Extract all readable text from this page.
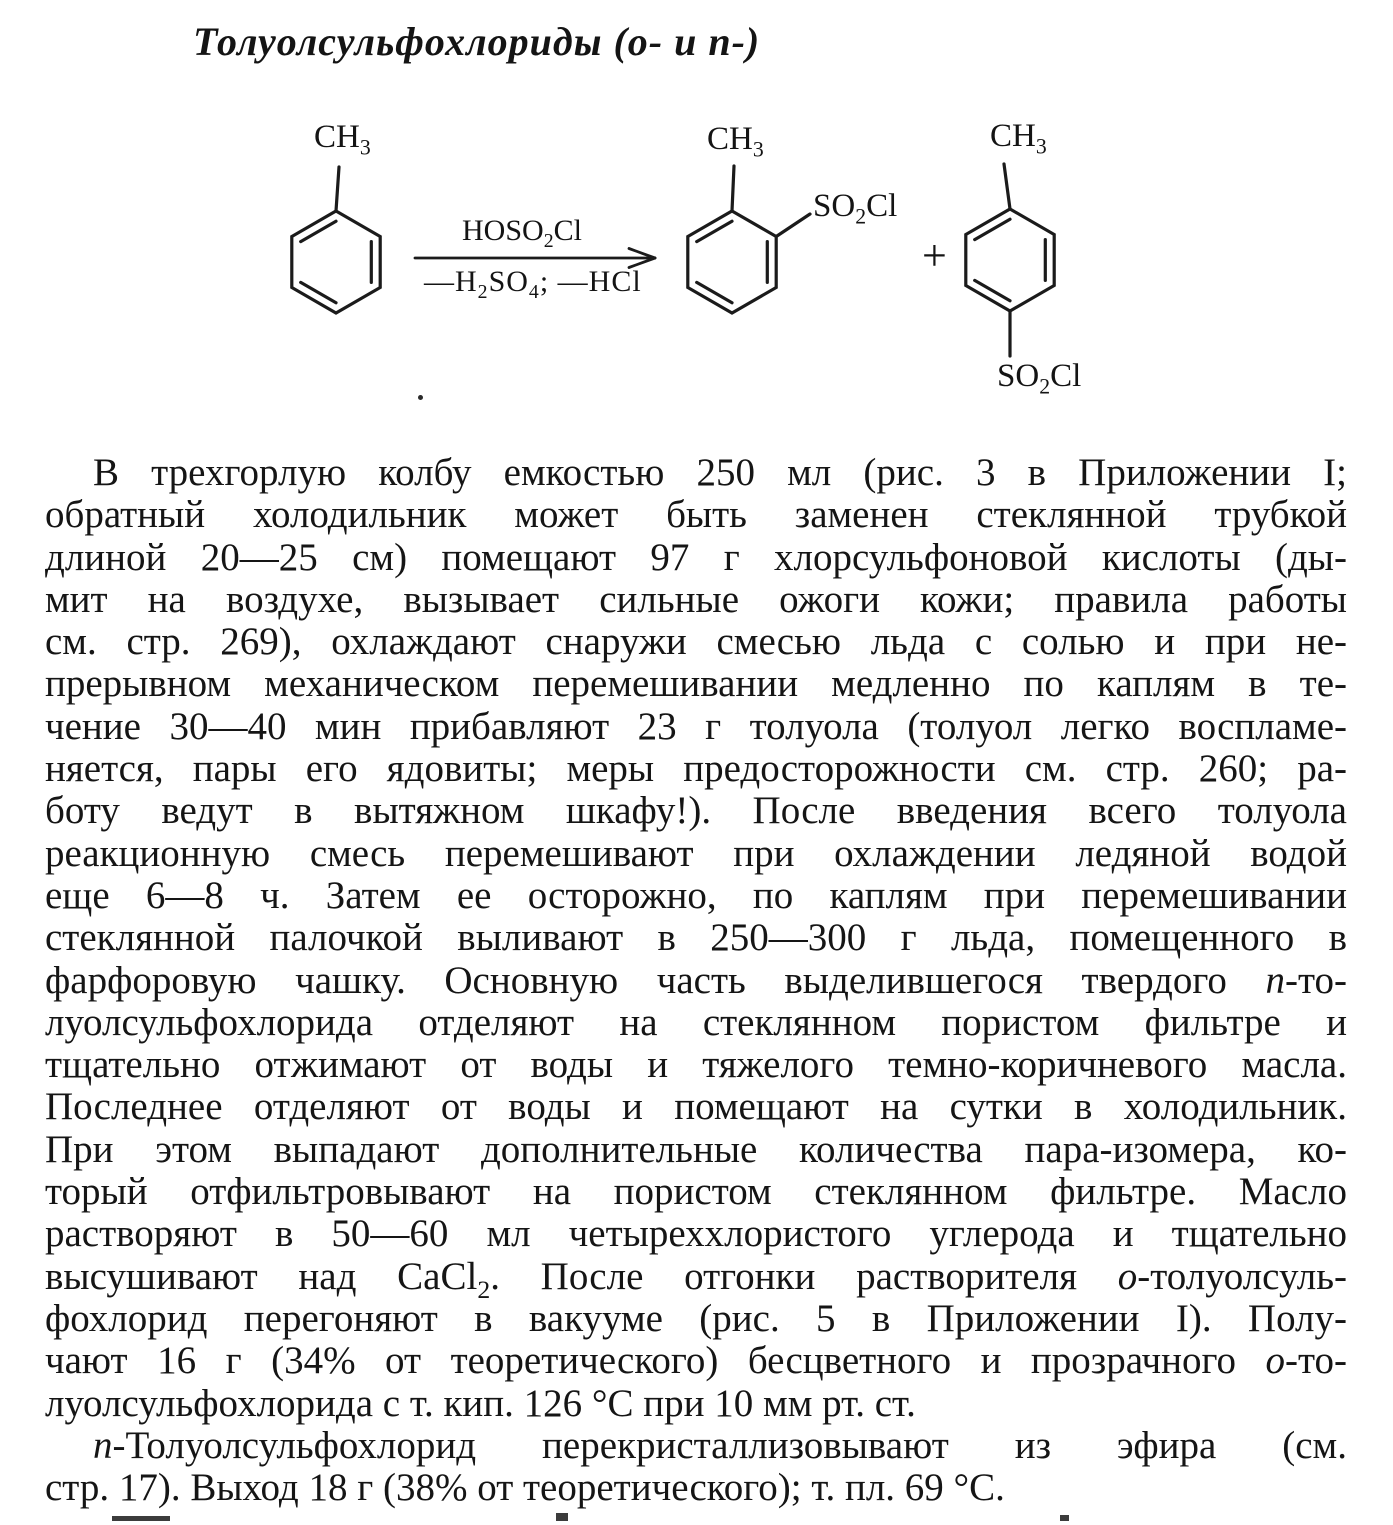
Толуолсульфохлориды (о- и п-)
$CH_3$
$HOSO_2Cl$
$—H_2SO_4$; —HCl
$CH_3$
$SO_2Cl$
+
$CH_3$
$SO_2Cl$
В трехгорлую колбу емкостью 250 мл (рис. 3 в Приложении I;
обратный холодильник может быть заменен стеклянной трубкой
длиной 20—25 см) помещают 97 г хлорсульфоновой кислоты (ды-
мит на воздухе, вызывает сильные ожоги кожи; правила работы
см. стр. 269), охлаждают снаружи смесью льда с солью и при не-
прерывном механическом перемешивании медленно по каплям в те-
чение 30—40 мин прибавляют 23 г толуола (толуол легко воспламе-
няется, пары его ядовиты; меры предосторожности см. стр. 260; ра-
боту ведут в вытяжном шкафу!). После введения всего толуола
реакционную смесь перемешивают при охлаждении ледяной водой
еще 6—8 ч. Затем ее осторожно, по каплям при перемешивании
стеклянной палочкой выливают в 250—300 г льда, помещенного в
фарфоровую чашку. Основную часть выделившегося твердого п-то-
луолсульфохлорида отделяют на стеклянном пористом фильтре и
тщательно отжимают от воды и тяжелого темно-коричневого масла.
Последнее отделяют от воды и помещают на сутки в холодильник.
При этом выпадают дополнительные количества пара-изомера, ко-
торый отфильтровывают на пористом стеклянном фильтре. Масло
растворяют в 50—60 мл четыреххлористого углерода и тщательно
высушивают над CaCl$_2$. После отгонки растворителя о-толуолсуль-
фохлорид перегоняют в вакууме (рис. 5 в Приложении I). Полу-
чают 16 г (34% от теоретического) бесцветного и прозрачного о-то-
луолсульфохлорида с т. кип. 126 °С при 10 мм рт. ст.
п-Толуолсульфохлорид перекристаллизовывают из эфира (см.
стр. 17). Выход 18 г (38% от теоретического); т. пл. 69 °С.
